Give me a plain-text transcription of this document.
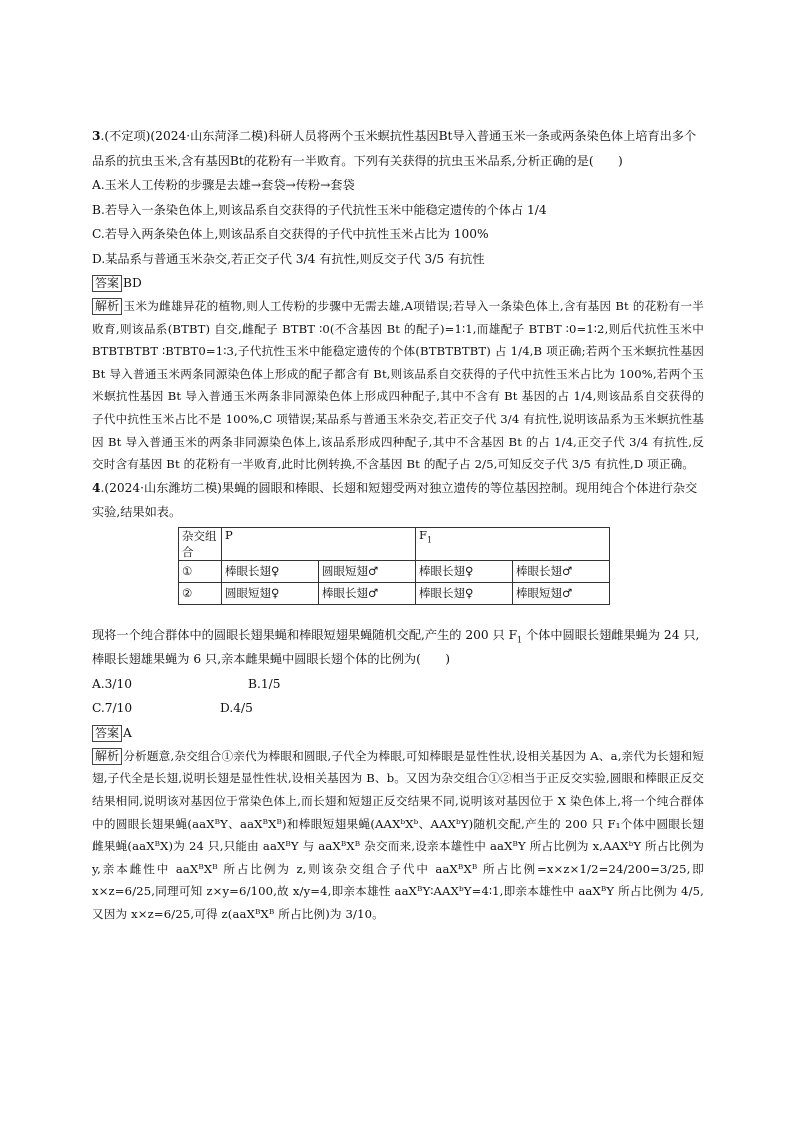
3.(不定项)(2024·山东菏泽二模)科研人员将两个玉米螟抗性基因Bt导入普通玉米一条或两条染色体上培育出多个品系的抗虫玉米,含有基因Bt的花粉有一半败育。下列有关获得的抗虫玉米品系,分析正确的是(　　)

A.玉米人工传粉的步骤是去雄→套袋→传粉→套袋

B.若导入一条染色体上,则该品系自交获得的子代抗性玉米中能稳定遗传的个体占 1/4

C.若导入两条染色体上,则该品系自交获得的子代中抗性玉米占比为 100%

D.某品系与普通玉米杂交,若正交子代 3/4 有抗性,则反交子代 3/5 有抗性

答案 BD

解析 玉米为雌雄异花的植物,则人工传粉的步骤中无需去雄,A项错误;若导入一条染色体上,含有基因 Bt 的花粉有一半败育,则该品系(BTBT) 自交,雌配子 BTBT ∶0(不含基因 Bt 的配子)=1∶1,而雄配子 BTBT ∶0=1∶2,则后代抗性玉米中 BTBTBTBT ∶BTBT0=1∶3,子代抗性玉米中能稳定遗传的个体(BTBTBTBT) 占 1/4,B 项正确;若两个玉米螟抗性基因 Bt 导入普通玉米两条同源染色体上形成的配子都含有 Bt,则该品系自交获得的子代中抗性玉米占比为 100%,若两个玉米螟抗性基因 Bt 导入普通玉米两条非同源染色体上形成四种配子,其中不含有 Bt 基因的占 1/4,则该品系自交获得的子代中抗性玉米占比不是 100%,C 项错误;某品系与普通玉米杂交,若正交子代 3/4 有抗性,说明该品系为玉米螟抗性基因 Bt 导入普通玉米的两条非同源染色体上,该品系形成四种配子,其中不含基因 Bt 的占 1/4,正交子代 3/4 有抗性,反交时含有基因 Bt 的花粉有一半败育,此时比例转换,不含基因 Bt 的配子占 2/5,可知反交子代 3/5 有抗性,D 项正确。

4.(2024·山东潍坊二模)果蝇的圆眼和棒眼、长翅和短翅受两对独立遗传的等位基因控制。现用纯合个体进行杂交实验,结果如表。

杂交组合	P		$F_1$
①	棒眼长翅♀	圆眼短翅♂	棒眼长翅♀	棒眼长翅♂
②	圆眼短翅♀	棒眼长翅♂	棒眼长翅♀	棒眼短翅♂

现将一个纯合群体中的圆眼长翅果蝇和棒眼短翅果蝇随机交配,产生的 200 只 $F_1$ 个体中圆眼长翅雌果蝇为 24 只,棒眼长翅雄果蝇为 6 只,亲本雌果蝇中圆眼长翅个体的比例为(　　)

A.3/10	B.1/5
C.7/10	D.4/5

答案 A

解析 分析题意,杂交组合①亲代为棒眼和圆眼,子代全为棒眼,可知棒眼是显性性状,设相关基因为 A、a,亲代为长翅和短翅,子代全是长翅,说明长翅是显性性状,设相关基因为 B、b。又因为杂交组合①②相当于正反交实验,圆眼和棒眼正反交结果相同,说明该对基因位于常染色体上,而长翅和短翅正反交结果不同,说明该对基因位于 X 染色体上,将一个纯合群体中的圆眼长翅果蝇(aaXᴮY、aaXᴮXᴮ)和棒眼短翅果蝇(AAXᵇXᵇ、AAXᵇY)随机交配,产生的 200 只 F₁个体中圆眼长翅雌果蝇(aaXᴮX)为 24 只,只能由 aaXᴮY 与 aaXᴮXᴮ 杂交而来,设亲本雄性中 aaXᴮY 所占比例为 x,AAXᵇY 所占比例为 y,亲本雌性中 aaXᴮXᴮ 所占比例为 z,则该杂交组合子代中 aaXᴮXᴮ 所占比例=x×z×1/2=24/200=3/25,即 x×z=6/25,同理可知 z×y=6/100,故 x/y=4,即亲本雄性 aaXᴮY∶AAXᵇY=4∶1,即亲本雄性中 aaXᴮY 所占比例为 4/5,又因为 x×z=6/25,可得 z(aaXᴮXᴮ 所占比例)为 3/10。
